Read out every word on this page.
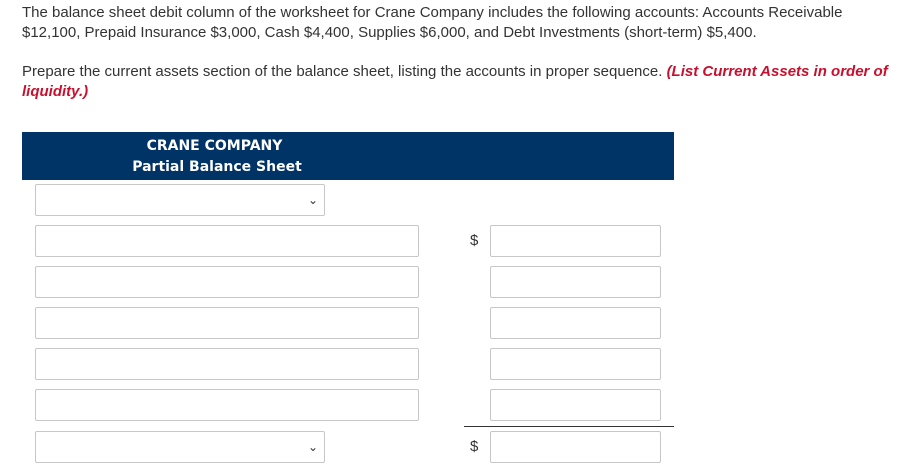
The balance sheet debit column of the worksheet for Crane Company includes the following accounts: Accounts Receivable $12,100, Prepaid Insurance $3,000, Cash $4,400, Supplies $6,000, and Debt Investments (short-term) $5,400.

Prepare the current assets section of the balance sheet, listing the accounts in proper sequence. (List Current Assets in order of liquidity.)

CRANE COMPANY
Partial Balance Sheet
⌄
$
⌄	$
